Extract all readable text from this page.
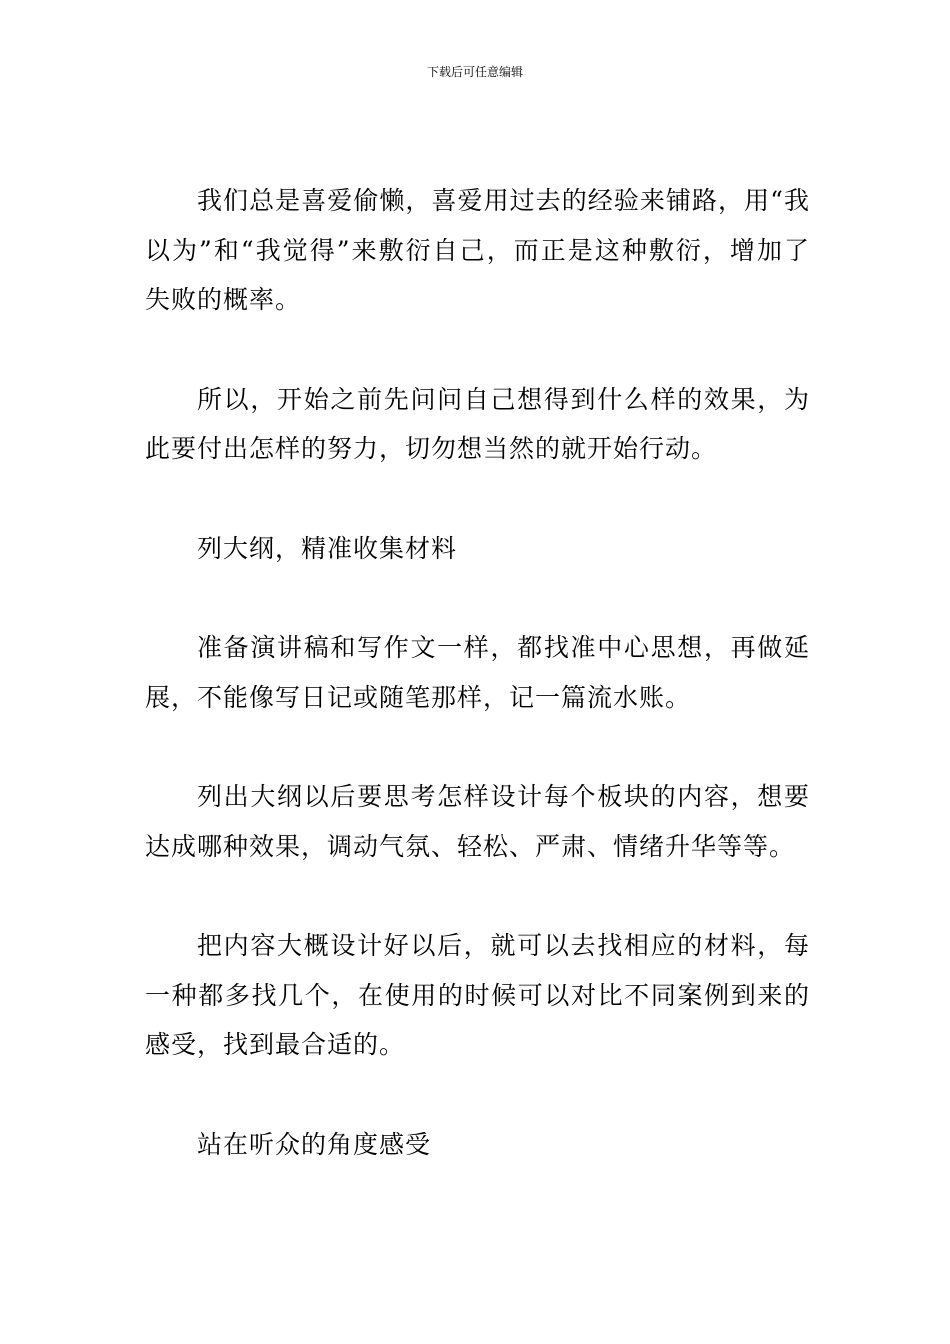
下载后可任意编辑

我们总是喜爱偷懒，喜爱用过去的经验来铺路，用“我以为”和“我觉得”来敷衍自己，而正是这种敷衍，增加了失败的概率。

所以，开始之前先问问自己想得到什么样的效果，为此要付出怎样的努力，切勿想当然的就开始行动。

列大纲，精准收集材料

准备演讲稿和写作文一样，都找准中心思想，再做延展，不能像写日记或随笔那样，记一篇流水账。

列出大纲以后要思考怎样设计每个板块的内容，想要达成哪种效果，调动气氛、轻松、严肃、情绪升华等等。

把内容大概设计好以后，就可以去找相应的材料，每一种都多找几个，在使用的时候可以对比不同案例到来的感受，找到最合适的。

站在听众的角度感受
